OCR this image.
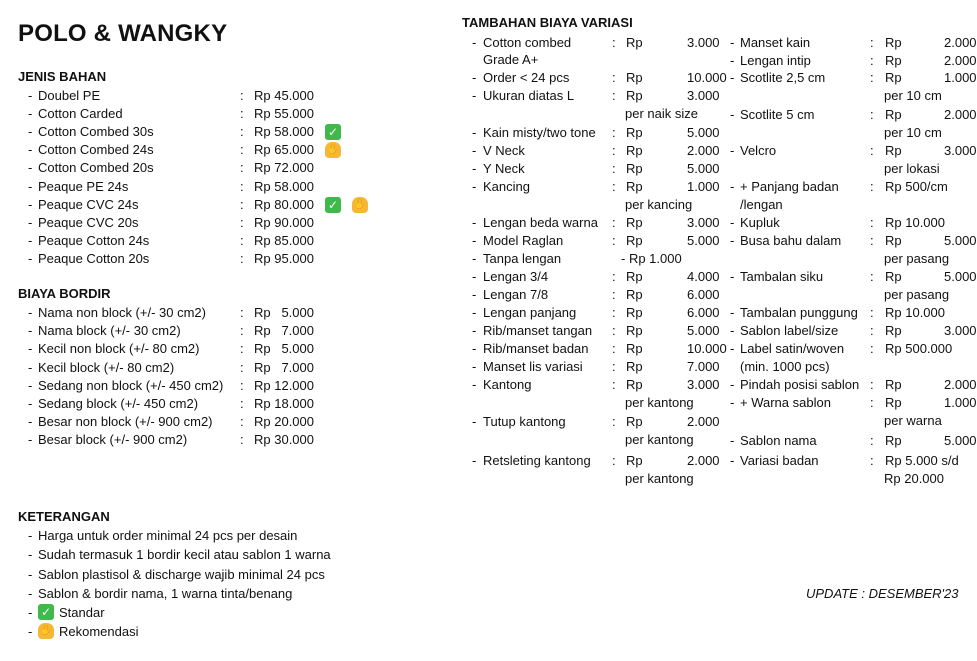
POLO & WANGKY
JENIS BAHAN
- Doubel PE	: Rp 45.000
- Cotton Carded	: Rp 55.000
- Cotton Combed 30s	: Rp 58.000 ✓
- Cotton Combed 24s	: Rp 65.000 ✋
- Cotton Combed 20s	: Rp 72.000
- Peaque PE 24s	: Rp 58.000
- Peaque CVC 24s	: Rp 80.000 ✓ ✋
- Peaque CVC 20s	: Rp 90.000
- Peaque Cotton 24s	: Rp 85.000
- Peaque Cotton 20s	: Rp 95.000
BIAYA BORDIR
- Nama non block (+/- 30 cm2)	: Rp 5.000
- Nama block (+/- 30 cm2)	: Rp 7.000
- Kecil non block (+/- 80 cm2)	: Rp 5.000
- Kecil block (+/- 80 cm2)	: Rp 7.000
- Sedang non block (+/- 450 cm2) : Rp 12.000
- Sedang block (+/- 450 cm2)	: Rp 18.000
- Besar non block (+/- 900 cm2) : Rp 20.000
- Besar block (+/- 900 cm2)	: Rp 30.000
KETERANGAN
- Harga untuk order minimal 24 pcs per desain
- Sudah termasuk 1 bordir kecil atau sablon 1 warna
- Sablon plastisol & discharge wajib minimal 24 pcs
- Sablon & bordir nama, 1 warna tinta/benang
- ✓ Standar
- ✋ Rekomendasi
TAMBAHAN BIAYA VARIASI
- Cotton combed
Grade A+
: Rp	3.000
- Order < 24 pcs	: Rp	10.000
- Ukuran diatas L	: Rp	3.000
per naik size
- Kain misty/two tone : Rp	5.000
- V Neck	: Rp	2.000
- Y Neck	: Rp	5.000
- Kancing	: Rp	1.000
per kancing
- Lengan beda warna : Rp	3.000
- Model Raglan	: Rp	5.000
- Tanpa lengan	- Rp 1.000
- Lengan 3/4	: Rp	4.000
- Lengan 7/8	: Rp	6.000
- Lengan panjang	: Rp	6.000
- Rib/manset tangan : Rp	5.000
- Rib/manset badan : Rp	10.000
- Manset lis variasi : Rp	7.000
- Kantong	: Rp	3.000
per kantong
- Tutup kantong	: Rp	2.000
per kantong
- Retsleting kantong : Rp	2.000
per kantong
- Manset kain	: Rp	2.000
- Lengan intip	: Rp	2.000
- Scotlite 2,5 cm	: Rp	1.000
per 10 cm
- Scotlite 5 cm	: Rp	2.000
per 10 cm
- Velcro	: Rp	3.000
per lokasi
- + Panjang badan
/lengan
: Rp 500/cm
- Kupluk	: Rp 10.000
- Busa bahu dalam : Rp	5.000
per pasang
- Tambalan siku	: Rp	5.000
per pasang
- Tambalan punggung : Rp 10.000
- Sablon label/size : Rp	3.000
- Label satin/woven
(min. 1000 pcs)
: Rp 500.000
- Pindah posisi sablon : Rp	2.000
- + Warna sablon	: Rp	1.000
per warna
- Sablon nama	: Rp	5.000
- Variasi badan	: Rp 5.000 s/d
Rp 20.000
UPDATE : DESEMBER'23
